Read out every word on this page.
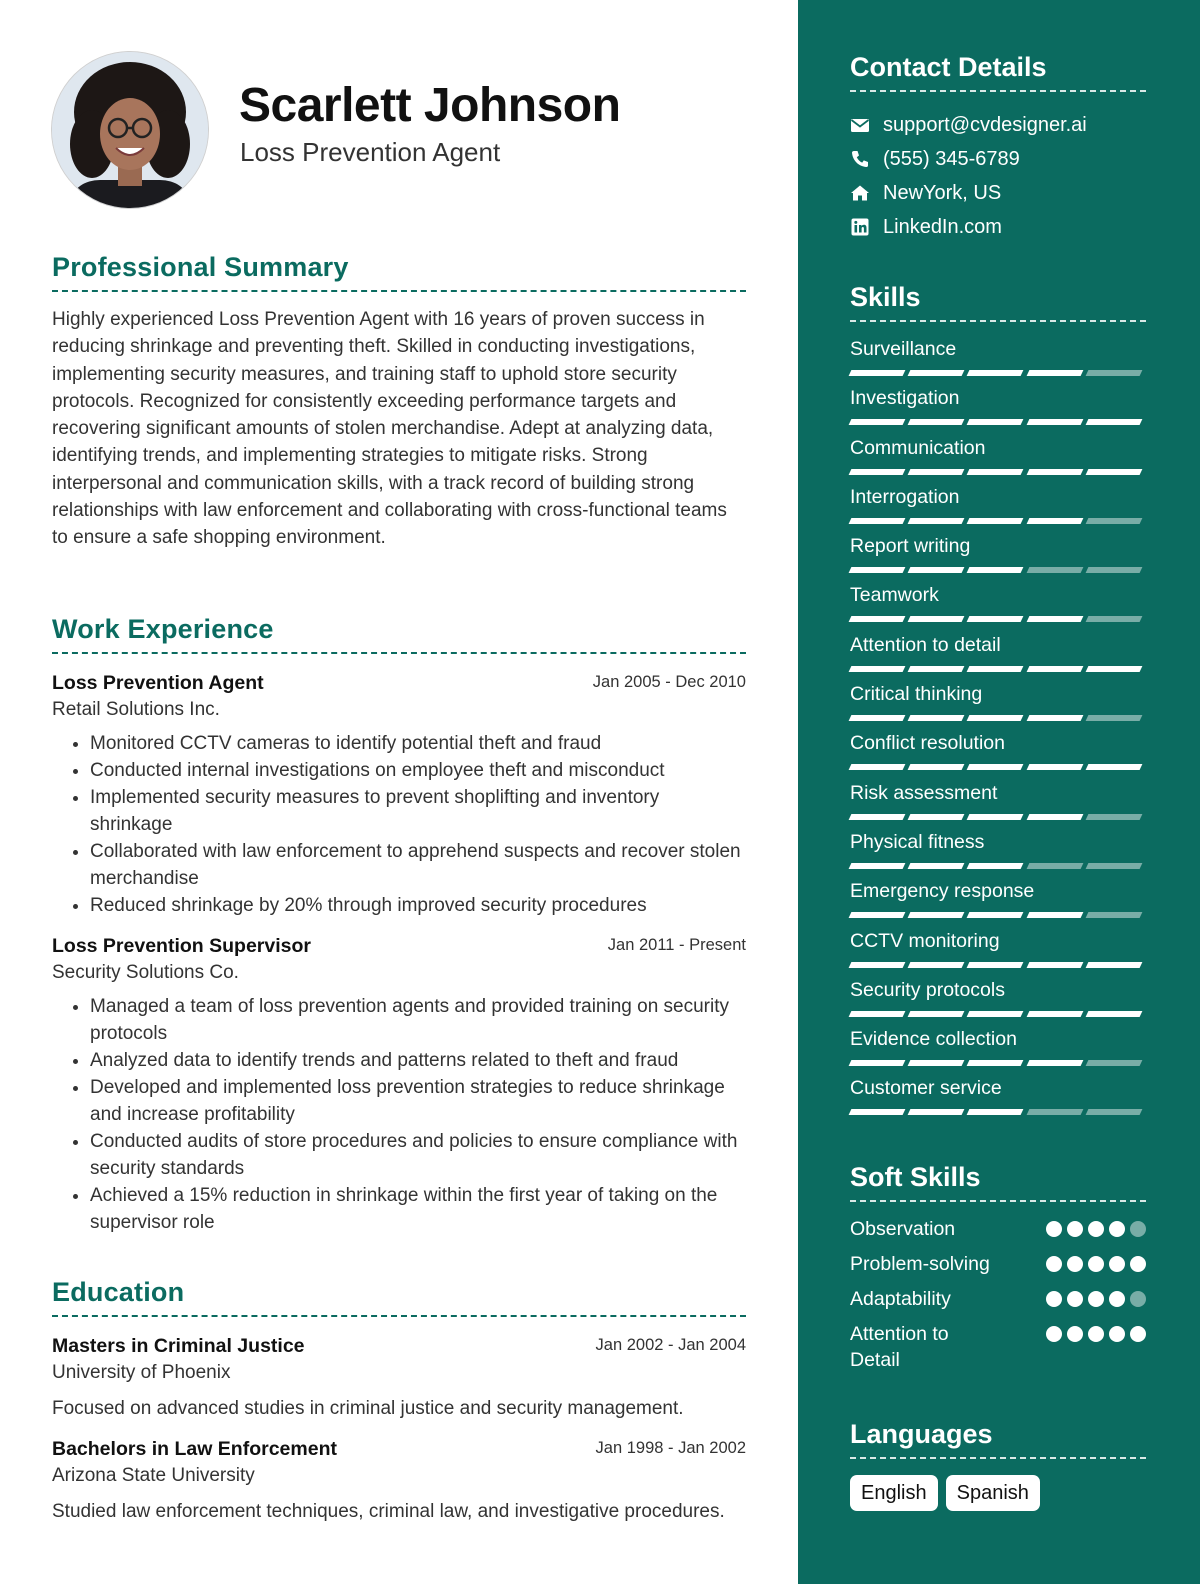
Scarlett Johnson
Loss Prevention Agent
Professional Summary

Highly experienced Loss Prevention Agent with 16 years of proven success in reducing shrinkage and preventing theft. Skilled in conducting investigations, implementing security measures, and training staff to uphold store security protocols. Recognized for consistently exceeding performance targets and recovering significant amounts of stolen merchandise. Adept at analyzing data, identifying trends, and implementing strategies to mitigate risks. Strong interpersonal and communication skills, with a track record of building strong relationships with law enforcement and collaborating with cross-functional teams to ensure a safe shopping environment.

Work Experience
Loss Prevention Agent	Jan 2005 - Dec 2010
Retail Solutions Inc.
• Monitored CCTV cameras to identify potential theft and fraud
• Conducted internal investigations on employee theft and misconduct
• Implemented security measures to prevent shoplifting and inventory shrinkage
• Collaborated with law enforcement to apprehend suspects and recover stolen merchandise
• Reduced shrinkage by 20% through improved security procedures
Loss Prevention Supervisor	Jan 2011 - Present
Security Solutions Co.
• Managed a team of loss prevention agents and provided training on security protocols
• Analyzed data to identify trends and patterns related to theft and fraud
• Developed and implemented loss prevention strategies to reduce shrinkage and increase profitability
• Conducted audits of store procedures and policies to ensure compliance with security standards
• Achieved a 15% reduction in shrinkage within the first year of taking on the supervisor role
Education
Masters in Criminal Justice	Jan 2002 - Jan 2004
University of Phoenix
Focused on advanced studies in criminal justice and security management.
Bachelors in Law Enforcement	Jan 1998 - Jan 2002
Arizona State University
Studied law enforcement techniques, criminal law, and investigative procedures.
Contact Details
support@cvdesigner.ai
(555) 345-6789
NewYork, US
LinkedIn.com
Skills
Surveillance
Investigation
Communication
Interrogation
Report writing
Teamwork
Attention to detail
Critical thinking
Conflict resolution
Risk assessment
Physical fitness
Emergency response
CCTV monitoring
Security protocols
Evidence collection
Customer service
Soft Skills
Observation
Problem-solving
Adaptability
Attention to Detail
Languages
English	Spanish
